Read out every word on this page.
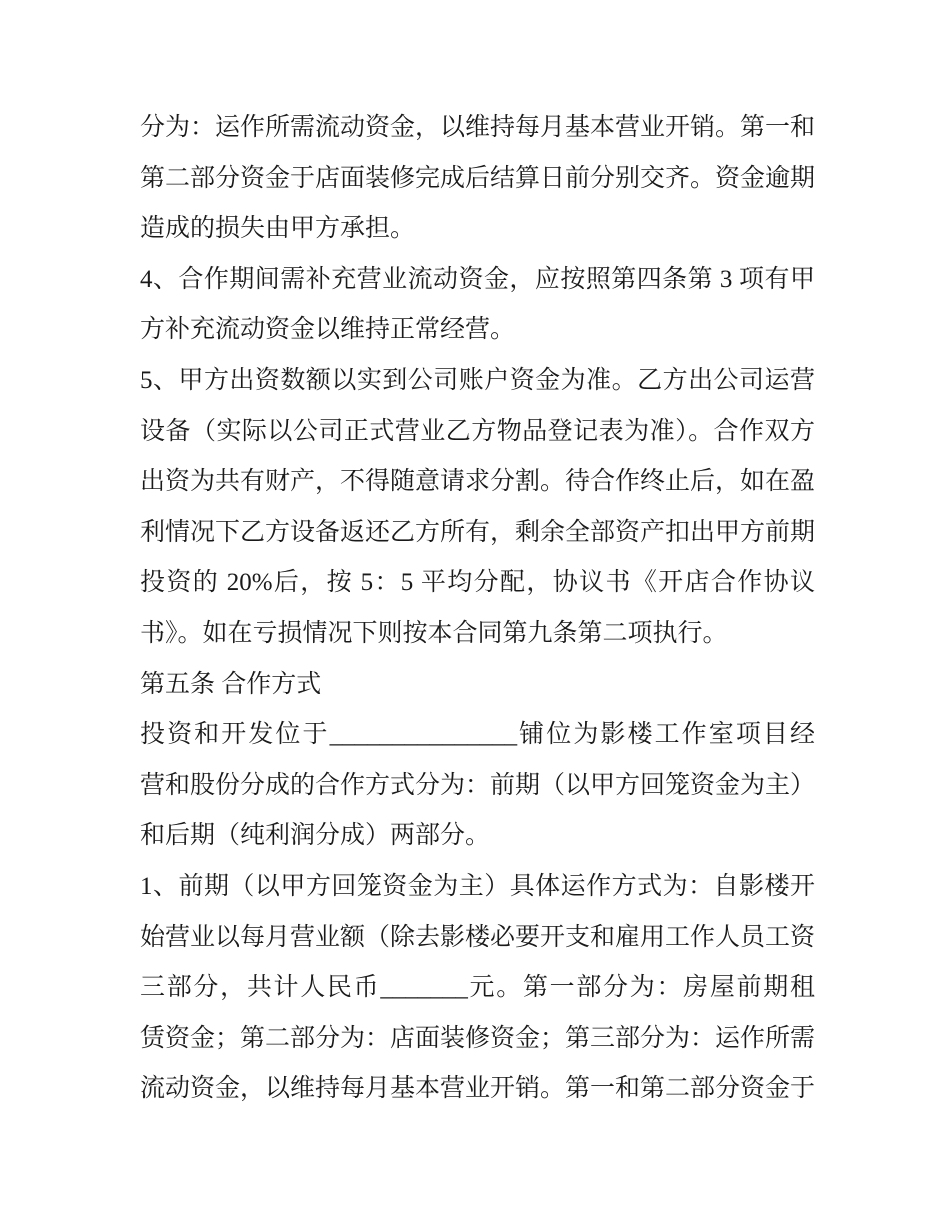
分为：运作所需流动资金，以维持每月基本营业开销。第一和
第二部分资金于店面装修完成后结算日前分别交齐。资金逾期
造成的损失由甲方承担。
4、合作期间需补充营业流动资金，应按照第四条第 3 项有甲
方补充流动资金以维持正常经营。
5、甲方出资数额以实到公司账户资金为准。乙方出公司运营
设备（实际以公司正式营业乙方物品登记表为准）。合作双方
出资为共有财产，不得随意请求分割。待合作终止后，如在盈
利情况下乙方设备返还乙方所有，剩余全部资产扣出甲方前期
投资的 20%后，按 5：5 平均分配，协议书《开店合作协议
书》。如在亏损情况下则按本合同第九条第二项执行。
第五条 合作方式
投资和开发位于_______________铺位为影楼工作室项目经
营和股份分成的合作方式分为：前期（以甲方回笼资金为主）
和后期（纯利润分成）两部分。
1、前期（以甲方回笼资金为主）具体运作方式为：自影楼开
始营业以每月营业额（除去影楼必要开支和雇用工作人员工资
三部分，共计人民币_______元。第一部分为：房屋前期租
赁资金；第二部分为：店面装修资金；第三部分为：运作所需
流动资金，以维持每月基本营业开销。第一和第二部分资金于
